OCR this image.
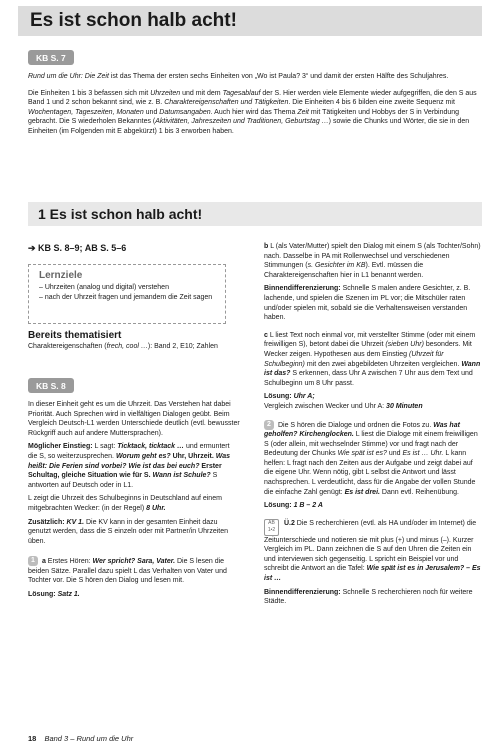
Es ist schon halb acht!
KB S. 7

Rund um die Uhr: Die Zeit ist das Thema der ersten sechs Einheiten von „Wo ist Paula? 3“ und damit der ersten Hälfte des Schuljahres.

Die Einheiten 1 bis 3 befassen sich mit Uhrzeiten und mit dem Tagesablauf der S. Hier werden viele Elemente wieder aufgegriffen, die den S aus Band 1 und 2 schon bekannt sind, wie z. B. Charaktereigenschaften und Tätigkeiten. Die Einheiten 4 bis 6 bilden eine zweite Sequenz mit Wochentagen, Tageszeiten, Monaten und Datumsangaben. Auch hier wird das Thema Zeit mit Tätigkeiten und Hobbys der S in Verbindung gebracht. Die S wiederholen Bekanntes (Aktivitäten, Jahreszeiten und Traditionen, Geburtstag …) sowie die Chunks und Wörter, die sie in den Einheiten (im Folgenden mit E abgekürzt) 1 bis 3 erworben haben.

1 Es ist schon halb acht!
➔ KB S. 8–9; AB S. 5–6
Lernziele
– Uhrzeiten (analog und digital) verstehen
– nach der Uhrzeit fragen und jemandem die Zeit sagen
Bereits thematisiert
Charaktereigenschaften (frech, cool …): Band 2, E10; Zahlen
KB S. 8

In dieser Einheit geht es um die Uhrzeit. Das Verstehen hat dabei Priorität. Auch Sprechen wird in vielfältigen Dialogen geübt. Beim Vergleich Deutsch-L1 werden Unterschiede deutlich (evtl. bewusster Rückgriff auch auf andere Muttersprachen).

Möglicher Einstieg: L sagt: Ticktack, ticktack … und ermuntert die S, so weiterzusprechen. Worum geht es? Uhr, Uhrzeit. Was heißt: Die Ferien sind vorbei? Wie ist das bei euch? Erster Schultag, gleiche Situation wie für S. Wann ist Schule? S antworten auf Deutsch oder in L1.

L zeigt die Uhrzeit des Schulbeginns in Deutschland auf einem mitgebrachten Wecker: (in der Regel) 8 Uhr.

Zusätzlich: KV 1. Die KV kann in der gesamten Einheit dazu genutzt werden, dass die S einzeln oder mit Partner/in Uhrzeiten üben.

1 a Erstes Hören: Wer spricht? Sara, Vater. Die S lesen die beiden Sätze. Parallel dazu spielt L das Verhalten von Vater und Tochter vor. Die S hören den Dialog und lesen mit.

Lösung: Satz 1.

b L (als Vater/Mutter) spielt den Dialog mit einem S (als Tochter/Sohn) nach. Dasselbe in PA mit Rollenwechsel und verschiedenen Stimmungen (s. Gesichter im KB). Evtl. müssen die Charaktereigenschaften hier in L1 benannt werden.

Binnendifferenzierung: Schnelle S malen andere Gesichter, z. B. lachende, und spielen die Szenen im PL vor; die Mitschüler raten und/oder spielen mit, sobald sie die Verhaltensweisen verstanden haben.

c L liest Text noch einmal vor, mit verstellter Stimme (oder mit einem freiwilligen S), betont dabei die Uhrzeit (sieben Uhr) besonders. Mit Wecker zeigen. Hypothesen aus dem Einstieg (Uhrzeit für Schulbeginn) mit den zwei abgebildeten Uhrzeiten vergleichen. Wann ist das? S erkennen, dass Uhr A zwischen 7 Uhr aus dem Text und Schulbeginn um 8 Uhr passt.

Lösung: Uhr A;

Vergleich zwischen Wecker und Uhr A: 30 Minuten

2 Die S hören die Dialoge und ordnen die Fotos zu. Was hat geholfen? Kirchenglocken. L liest die Dialoge mit einem freiwilligen S (oder allein, mit wechselnder Stimme) vor und fragt nach der Bedeutung der Chunks Wie spät ist es? und Es ist … Uhr. L kann helfen: L fragt nach den Zeiten aus der Aufgabe und zeigt dabei auf die eigene Uhr. Wenn nötig, gibt L selbst die Antwort und lässt nachsprechen. L verdeutlicht, dass für die Angabe der vollen Stunde die einfache Zahl genügt: Es ist drei. Dann evtl. Reihenübung.

Lösung: 1 B – 2 A

AB
1•2 Ü.2 Die S recherchieren (evtl. als HA und/oder im Internet) die Zeitunterschiede und notieren sie mit plus (+) und minus (–). Kurzer Vergleich im PL. Dann zeichnen die S auf den Uhren die Zeiten ein und interviewen sich gegenseitig. L spricht ein Beispiel vor und schreibt die Antwort an die Tafel: Wie spät ist es in Jerusalem? – Es ist …

Binnendifferenzierung: Schnelle S recherchieren noch für weitere Städte.

18 Band 3 – Rund um die Uhr
